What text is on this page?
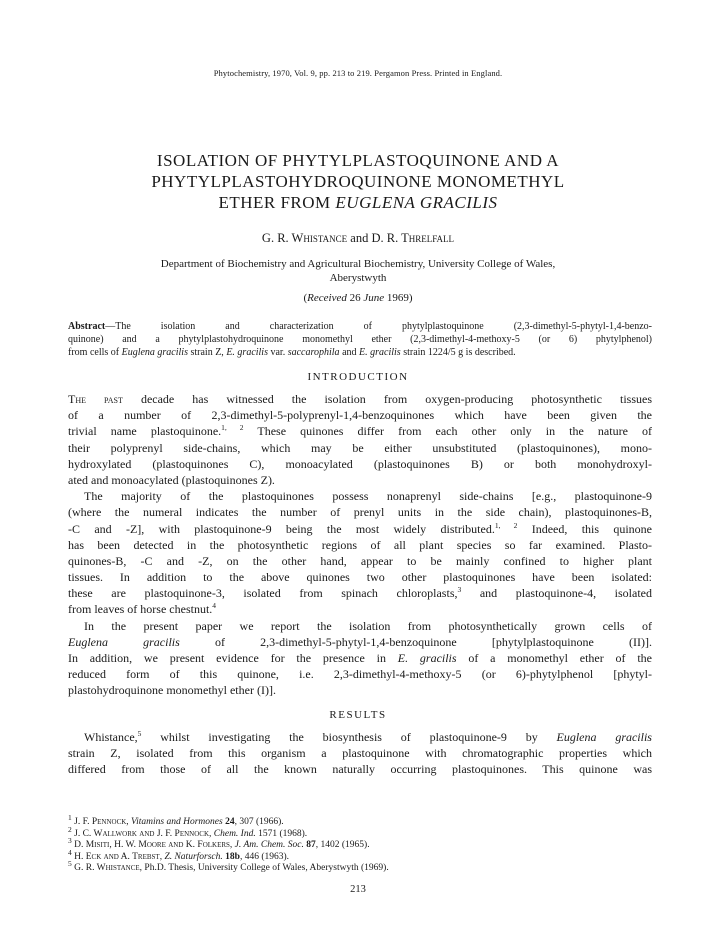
Phytochemistry, 1970, Vol. 9, pp. 213 to 219. Pergamon Press. Printed in England.
ISOLATION OF PHYTYLPLASTOQUINONE AND A
PHYTYLPLASTOHYDROQUINONE MONOMETHYL
ETHER FROM EUGLENA GRACILIS
G. R. Whistance and D. R. Threlfall
Department of Biochemistry and Agricultural Biochemistry, University College of Wales,
Aberystwyth
(Received 26 June 1969)
Abstract—The isolation and characterization of phytylplastoquinone (2,3-dimethyl-5-phytyl-1,4-benzo-
quinone) and a phytylplastohydroquinone monomethyl ether (2,3-dimethyl-4-methoxy-5 (or 6) phytylphenol)
from cells of Euglena gracilis strain Z, E. gracilis var. saccarophila and E. gracilis strain 1224/5 g is described.
INTRODUCTION
The past decade has witnessed the isolation from oxygen-producing photosynthetic tissues
of a number of 2,3-dimethyl-5-polyprenyl-1,4-benzoquinones which have been given the
trivial name plastoquinone.$^{1, 2}$ These quinones differ from each other only in the nature of
their polyprenyl side-chains, which may be either unsubstituted (plastoquinones), mono-
hydroxylated (plastoquinones C), monoacylated (plastoquinones B) or both monohydroxyl-
ated and monoacylated (plastoquinones Z).
The majority of the plastoquinones possess nonaprenyl side-chains [e.g., plastoquinone-9
(where the numeral indicates the number of prenyl units in the side chain), plastoquinones-B,
-C and -Z], with plastoquinone-9 being the most widely distributed.$^{1, 2}$ Indeed, this quinone
has been detected in the photosynthetic regions of all plant species so far examined. Plasto-
quinones-B, -C and -Z, on the other hand, appear to be mainly confined to higher plant
tissues. In addition to the above quinones two other plastoquinones have been isolated:
these are plastoquinone-3, isolated from spinach chloroplasts,$^3$ and plastoquinone-4, isolated
from leaves of horse chestnut.$^4$
In the present paper we report the isolation from photosynthetically grown cells of
Euglena gracilis of 2,3-dimethyl-5-phytyl-1,4-benzoquinone [phytylplastoquinone (II)].
In addition, we present evidence for the presence in E. gracilis of a monomethyl ether of the
reduced form of this quinone, i.e. 2,3-dimethyl-4-methoxy-5 (or 6)-phytylphenol [phytyl-
plastohydroquinone monomethyl ether (I)].
RESULTS
Whistance,$^5$ whilst investigating the biosynthesis of plastoquinone-9 by Euglena gracilis
strain Z, isolated from this organism a plastoquinone with chromatographic properties which
differed from those of all the known naturally occurring plastoquinones. This quinone was
$^1$ J. F. Pennock, Vitamins and Hormones 24, 307 (1966).
$^2$ J. C. Wallwork and J. F. Pennock, Chem. Ind. 1571 (1968).
$^3$ D. Misiti, H. W. Moore and K. Folkers, J. Am. Chem. Soc. 87, 1402 (1965).
$^4$ H. Eck and A. Trebst, Z. Naturforsch. 18b, 446 (1963).
$^5$ G. R. Whistance, Ph.D. Thesis, University College of Wales, Aberystwyth (1969).
213
